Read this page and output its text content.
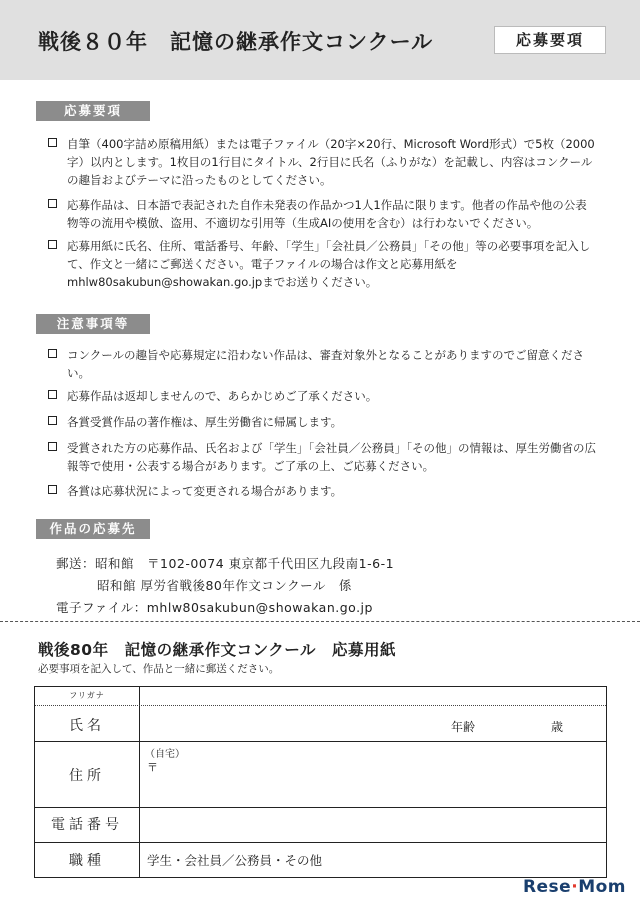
戦後８０年　記憶の継承作文コンクール	応募要項
応募要項
自筆（400字詰め原稿用紙）または電子ファイル（20字×20行、Microsoft Word形式）で5枚（2000字）以内とします。1枚目の1行目にタイトル、2行目に氏名（ふりがな）を記載し、内容はコンクールの趣旨およびテーマに沿ったものとしてください。
応募作品は、日本語で表記された自作未発表の作品かつ1人1作品に限ります。他者の作品や他の公表物等の流用や模倣、盗用、不適切な引用等（生成AIの使用を含む）は行わないでください。
応募用紙に氏名、住所、電話番号、年齢、「学生」「会社員／公務員」「その他」等の必要事項を記入して、作文と一緒にご郵送ください。電子ファイルの場合は作文と応募用紙をmhlw80sakubun@showakan.go.jpまでお送りください。
注意事項等
コンクールの趣旨や応募規定に沿わない作品は、審査対象外となることがありますのでご留意ください。
応募作品は返却しませんので、あらかじめご了承ください。
各賞受賞作品の著作権は、厚生労働省に帰属します。
受賞された方の応募作品、氏名および「学生」「会社員／公務員」「その他」の情報は、厚生労働省の広報等で使用・公表する場合があります。ご了承の上、ご応募ください。
各賞は応募状況によって変更される場合があります。
作品の応募先
郵送：昭和館　〒102-0074 東京都千代田区九段南1-6-1
昭和館 厚労省戦後80年作文コンクール　係
電子ファイル：mhlw80sakubun@showakan.go.jp
戦後80年　記憶の継承作文コンクール　応募用紙
必要事項を記入して、作品と一緒に郵送ください。
フリガナ
氏名	年齢	歳
住所
（自宅）
〒
電話番号
職種	学生・会社員／公務員・その他
Rese·Mom
